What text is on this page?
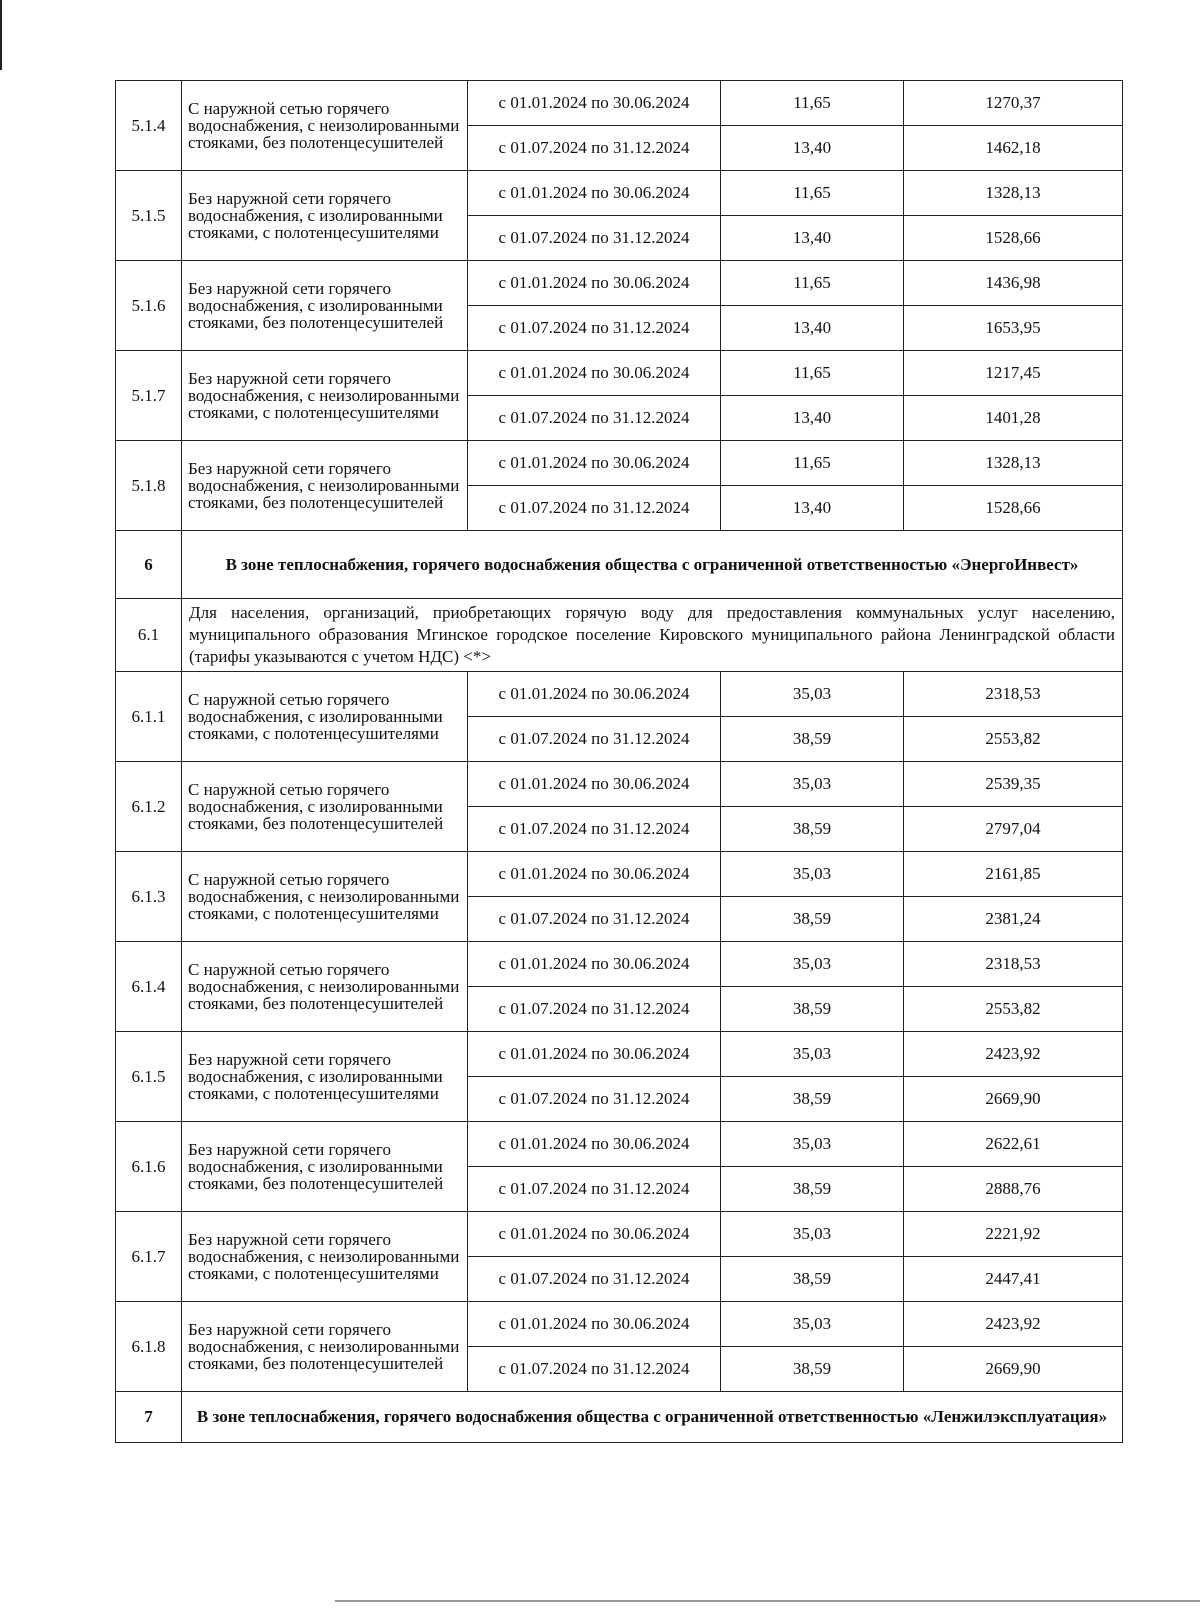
5.1.4	С наружной сетью горячего водоснабжения, с неизолированными стояками, без полотенцесушителей	с 01.01.2024 по 30.06.2024	11,65	1270,37
		с 01.07.2024 по 31.12.2024	13,40	1462,18
5.1.5	Без наружной сети горячего водоснабжения, с изолированными стояками, с полотенцесушителями	с 01.01.2024 по 30.06.2024	11,65	1328,13
		с 01.07.2024 по 31.12.2024	13,40	1528,66
5.1.6	Без наружной сети горячего водоснабжения, с изолированными стояками, без полотенцесушителей	с 01.01.2024 по 30.06.2024	11,65	1436,98
		с 01.07.2024 по 31.12.2024	13,40	1653,95
5.1.7	Без наружной сети горячего водоснабжения, с неизолированными стояками, с полотенцесушителями	с 01.01.2024 по 30.06.2024	11,65	1217,45
		с 01.07.2024 по 31.12.2024	13,40	1401,28
5.1.8	Без наружной сети горячего водоснабжения, с неизолированными стояками, без полотенцесушителей	с 01.01.2024 по 30.06.2024	11,65	1328,13
		с 01.07.2024 по 31.12.2024	13,40	1528,66
6	В зоне теплоснабжения, горячего водоснабжения общества с ограниченной ответственностью «ЭнергоИнвест»			
6.1	Для населения, организаций, приобретающих горячую воду для предоставления коммунальных услуг населению, муниципального образования Мгинское городское поселение Кировского муниципального района Ленинградской области (тарифы указываются с учетом НДС) <*>			
6.1.1	С наружной сетью горячего водоснабжения, с изолированными стояками, с полотенцесушителями	с 01.01.2024 по 30.06.2024	35,03	2318,53
		с 01.07.2024 по 31.12.2024	38,59	2553,82
6.1.2	С наружной сетью горячего водоснабжения, с изолированными стояками, без полотенцесушителей	с 01.01.2024 по 30.06.2024	35,03	2539,35
		с 01.07.2024 по 31.12.2024	38,59	2797,04
6.1.3	С наружной сетью горячего водоснабжения, с неизолированными стояками, с полотенцесушителями	с 01.01.2024 по 30.06.2024	35,03	2161,85
		с 01.07.2024 по 31.12.2024	38,59	2381,24
6.1.4	С наружной сетью горячего водоснабжения, с неизолированными стояками, без полотенцесушителей	с 01.01.2024 по 30.06.2024	35,03	2318,53
		с 01.07.2024 по 31.12.2024	38,59	2553,82
6.1.5	Без наружной сети горячего водоснабжения, с изолированными стояками, с полотенцесушителями	с 01.01.2024 по 30.06.2024	35,03	2423,92
		с 01.07.2024 по 31.12.2024	38,59	2669,90
6.1.6	Без наружной сети горячего водоснабжения, с изолированными стояками, без полотенцесушителей	с 01.01.2024 по 30.06.2024	35,03	2622,61
		с 01.07.2024 по 31.12.2024	38,59	2888,76
6.1.7	Без наружной сети горячего водоснабжения, с неизолированными стояками, с полотенцесушителями	с 01.01.2024 по 30.06.2024	35,03	2221,92
		с 01.07.2024 по 31.12.2024	38,59	2447,41
6.1.8	Без наружной сети горячего водоснабжения, с неизолированными стояками, без полотенцесушителей	с 01.01.2024 по 30.06.2024	35,03	2423,92
		с 01.07.2024 по 31.12.2024	38,59	2669,90
7	В зоне теплоснабжения, горячего водоснабжения общества с ограниченной ответственностью «Ленжилэксплуатация»			
